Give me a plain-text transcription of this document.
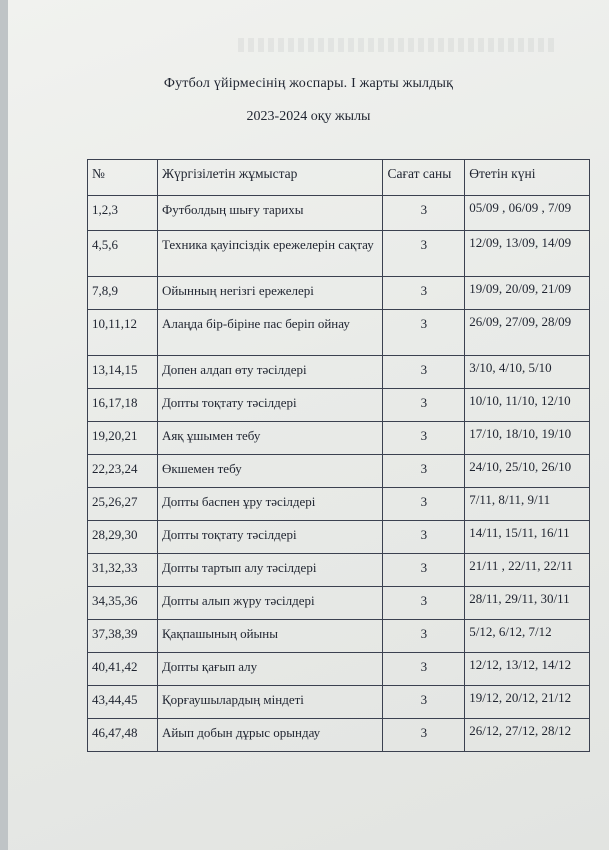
Футбол үйірмесінің жоспары. I жарты жылдық
2023-2024 оқу жылы
№	Жүргізілетін жұмыстар	Сағат саны	Өтетін күні
1,2,3	Футболдың шығу тарихы	3	05/09 , 06/09 , 7/09
4,5,6	Техника қауіпсіздік ережелерін сақтау	3	12/09, 13/09, 14/09
7,8,9	Ойынның негізгі ережелері	3	19/09, 20/09, 21/09
10,11,12	Алаңда бір-біріне пас беріп ойнау	3	26/09, 27/09, 28/09
13,14,15	Допен алдап өту тәсілдері	3	3/10, 4/10, 5/10
16,17,18	Допты тоқтату тәсілдері	3	10/10, 11/10, 12/10
19,20,21	Аяқ ұшымен тебу	3	17/10, 18/10, 19/10
22,23,24	Өкшемен тебу	3	24/10, 25/10, 26/10
25,26,27	Допты баспен ұру тәсілдері	3	7/11, 8/11, 9/11
28,29,30	Допты тоқтату тәсілдері	3	14/11, 15/11, 16/11
31,32,33	Допты тартып алу тәсілдері	3	21/11 , 22/11, 22/11
34,35,36	Допты алып жүру тәсілдері	3	28/11, 29/11, 30/11
37,38,39	Қақпашының ойыны	3	5/12, 6/12, 7/12
40,41,42	Допты қағып алу	3	12/12, 13/12, 14/12
43,44,45	Қорғаушылардың міндеті	3	19/12, 20/12, 21/12
46,47,48	Айып добын дұрыс орындау	3	26/12, 27/12, 28/12
